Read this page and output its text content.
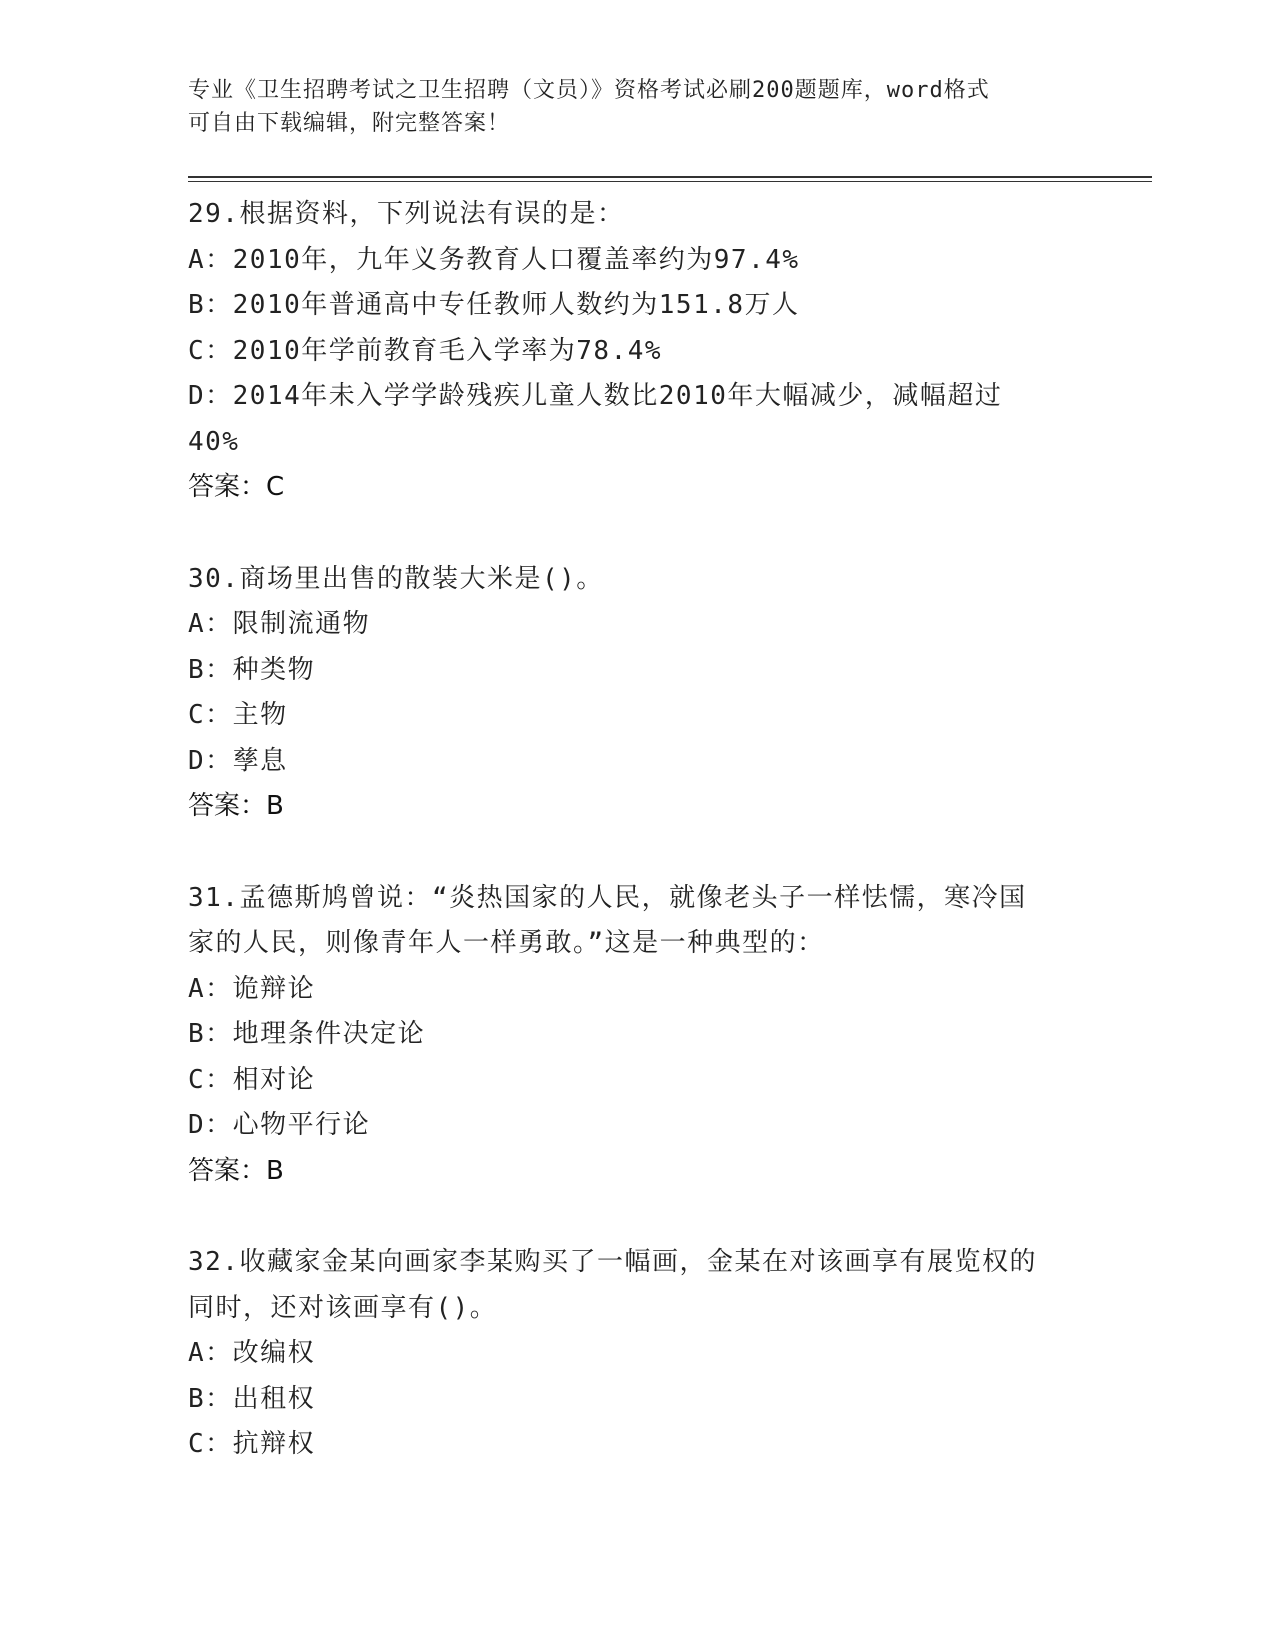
专业《卫生招聘考试之卫生招聘（文员）》资格考试必刷200题题库，word格式
可自由下载编辑，附完整答案！
29.根据资料，下列说法有误的是：
A：2010年，九年义务教育人口覆盖率约为97.4%
B：2010年普通高中专任教师人数约为151.8万人
C：2010年学前教育毛入学率为78.4%
D：2014年未入学学龄残疾儿童人数比2010年大幅减少，减幅超过
40%
答案：C
30.商场里出售的散装大米是()。
A：限制流通物
B：种类物
C：主物
D：孳息
答案：B
31.孟德斯鸠曾说：“炎热国家的人民，就像老头子一样怯懦，寒冷国
家的人民，则像青年人一样勇敢。”这是一种典型的：
A：诡辩论
B：地理条件决定论
C：相对论
D：心物平行论
答案：B
32.收藏家金某向画家李某购买了一幅画，金某在对该画享有展览权的
同时，还对该画享有()。
A：改编权
B：出租权
C：抗辩权
